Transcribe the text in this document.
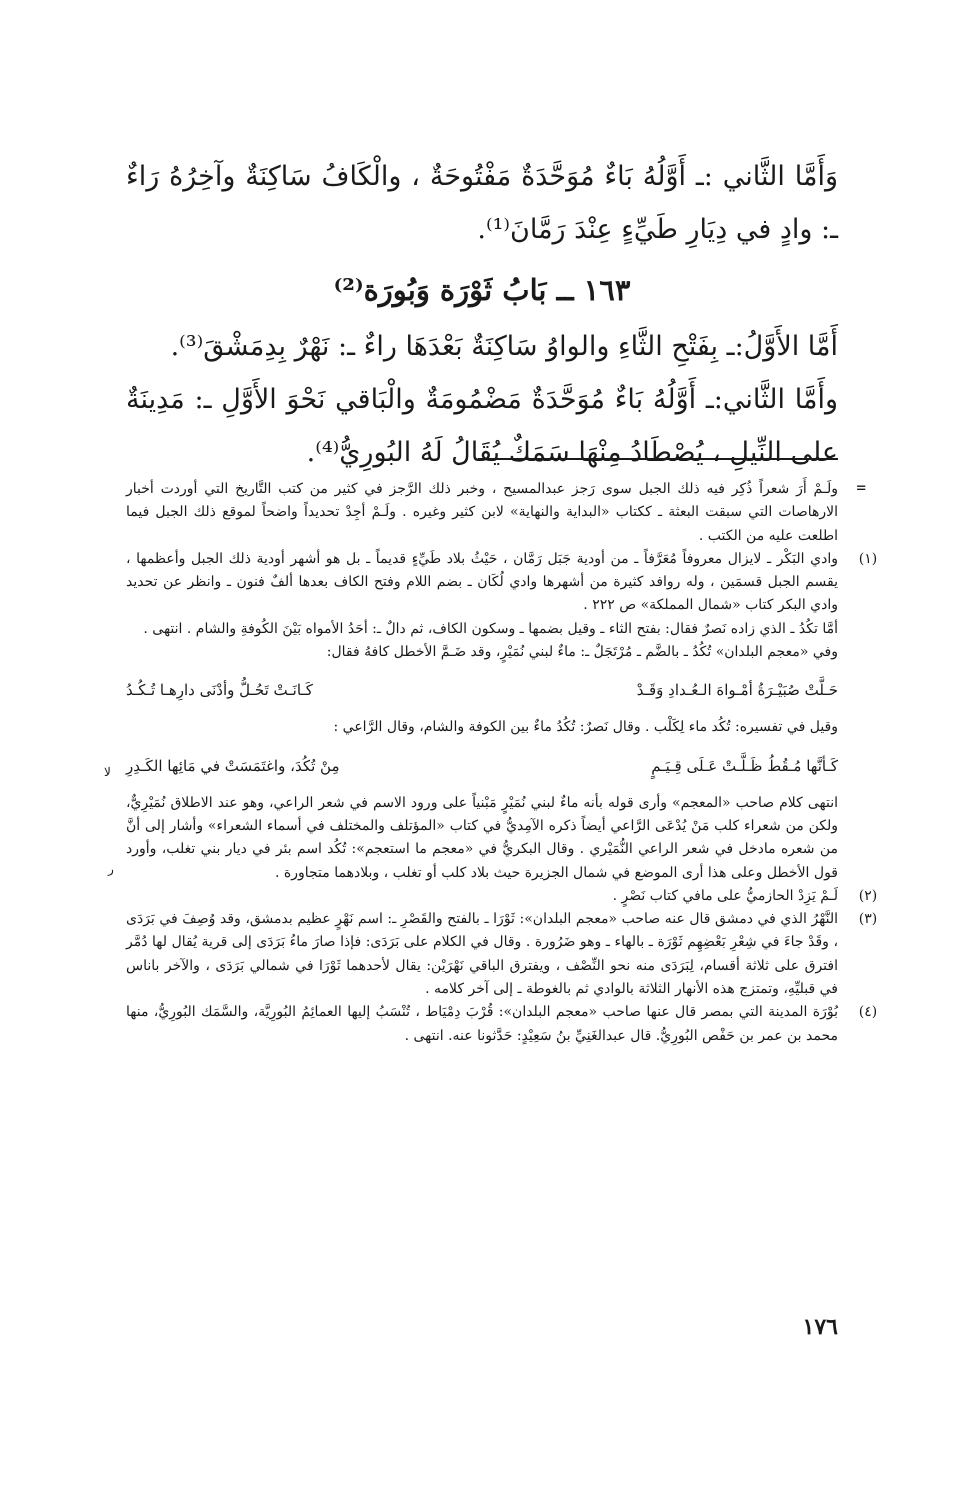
وَأَمَّا الثَّاني :ـ أَوَّلُهُ بَاءٌ مُوَحَّدَةٌ مَفْتُوحَةٌ ، والْكَافُ سَاكِنَةٌ وآخِرُهُ رَاءٌ ـ: وادٍ في دِيَارِ طَيِّءٍ عِنْدَ رَمَّانَ⁽¹⁾.

١٦٣ ــ بَابُ ثَوْرَة وَبُورَة⁽²⁾

أَمَّا الأَوَّلُ:ـ بِفَتْحِ الثَّاءِ والواوُ سَاكِنَةٌ بَعْدَهَا راءٌ ـ: نَهْرٌ بِدِمَشْقَ⁽³⁾.

وأَمَّا الثَّاني:ـ أَوَّلُهُ بَاءٌ مُوَحَّدَةٌ مَضْمُومَةٌ والْبَاقي نَحْوَ الأَوَّلِ ـ: مَدِينَةٌ على النِّيلِ ، يُصْطَادُ مِنْهَا سَمَكٌ يُقَالُ لَهُ البُورِيُّ⁽⁴⁾.

=

ولَـمْ أَرَ شعراً ذُكِر فيه ذلك الجبل سوى رَجز عبدالمسيح ، وخبر ذلك الرَّجز في كثير من كتب التَّاريخ التي أوردت أخبار الارهاصات التي سبقت البعثة ـ ككتاب «البداية والنهاية» لابن كثير وغيره . ولَـمْ أجِدْ تحديداً واضحاً لموقع ذلك الجبل فيما اطلعت عليه من الكتب .

(١)

وادي البَكْر ـ لايزال معروفاً مُعَرَّفاً ـ من أودية جَبَل رَمَّان ، حَيْثُ بلاد طَيِّءٍ قديماً ـ بل هو أشهر أودية ذلك الجبل وأعظمها ، يقسم الجبل قسمَين ، وله روافد كثيرة من أشهرها وادي لُكَان ـ بضم اللام وفتح الكاف بعدها ألفٌ فنون ـ وانظر عن تحديد وادي البكر كتاب «شمال المملكة» ص ٢٢٢ .

أمَّا تكُدُ ـ الذي زاده نَصرٌ فقال: بفتح الثاء ـ وقيل بضمها ـ وسكون الكاف، ثم دالٌ ـ: أحَدُ الأمواه بَيْنَ الكُوفةِ والشام . انتهى .

وفي «معجم البلدان» تُكُدُ ـ بالضَّم ـ مُرْتَجَلٌ ـ: ماءٌ لبني نُمَيْرٍ، وقد ضَـمَّ الأخطل كافهُ فقال:

حَـلَّتْ صُبَيْـرَةُ أمْـواهَ الـعُـدادِ وَقَـدْ
كَـانَـتْ تَحُـلُّ وأدْنَى دارِهـا تُـكُـدُ

وقيل في تفسيره: تُكُد ماء لِكَلْب . وقال نَصرٌ: تُكُدُ ماءٌ بين الكوفة والشام، وقال الرَّاعي :

كَـأنَّها مُـقُطُ ظَـلَّـتْ عَـلَى قِـيَـمٍ
مِنْ تُكُدَ، واغتَمَسَتْ في مَائِها الكَـدِرِ

انتهى كلام صاحب «المعجم» وأرى قوله بأنه ماءٌ لبني نُمَيْرٍ مَبْنياً على ورود الاسم في شعر الراعي، وهو عند الاطلاق نُمَيْرِيٌّ، ولكن من شعراء كلب مَنْ يُدْعَى الرَّاعي أيضاً ذكره الآمِديُّ في كتاب «المؤتلف والمختلف في أسماء الشعراء» وأشار إلى أنَّ من شعره مادخل في شعر الراعي النُّمَيْري . وقال البكريُّ في «معجم ما استعجم»: تُكُد اسم بئر في ديار بني تغلب، وأورد قول الأخطل وعلى هذا أرى الموضع في شمال الجزيرة حيث بلاد كلب أو تغلب ، وبلادهما متجاورة .

(٢)

لَـمْ يَزِدْ الحازميُّ على مافي كتاب نَصْرٍ .

(٣)

النَّهْرُ الذي في دمشق قال عنه صاحب «معجم البلدان»: ثَوْرَا ـ بالفتح والقَصْرِ ـ: اسم نَهْرٍ عظيم بدمشق، وقد وُصِفَ في بَرَدَى ، وقَدْ جاءَ في شِعْرِ بَعْضِهِم ثَوْرَة ـ بالهاء ـ وهو ضَرُورة . وقال في الكلام على بَرَدَى: فإذا صارَ ماءُ بَرَدَى إلى قرية يُقال لها دُمَّر افترق على ثلاثة أقسام، لِبَرَدَى منه نحو النِّصْف ، ويفترق الباقي نَهْرَيْن: يقال لأحدهما ثَوْرَا في شمالي بَرَدَى ، والآخر باناس في قبليِّهِ، وتمتزج هذه الأنهار الثلاثة بالوادي ثم بالغوطة ـ إلى آخر كلامه .

(٤)

بُوْرَة المدينة التي بمصر قال عنها صاحب «معجم البلدان»: قُرْبَ دِمْيَاط ، تُنْسَبُ إليها العمائِمُ البُورِيَّة، والسَّمَك البُورِيُّ، منها محمد بن عمر بن حَفْص البُورِيُّ. قال عبدالغَنِيِّ بنُ سَعِيْدٍ: حَدَّثونا عنه. انتهى .

لا
ر
١٧٦
